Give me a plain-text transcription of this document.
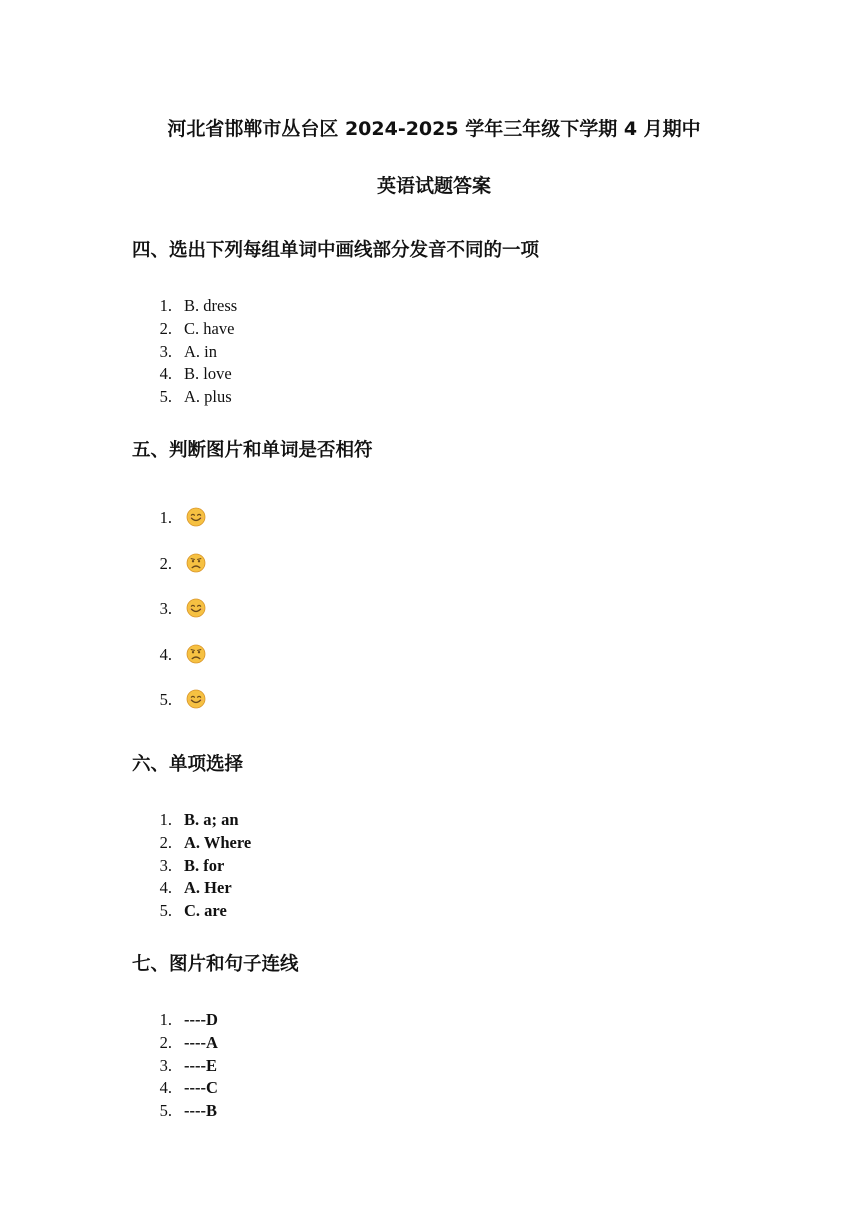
河北省邯郸市丛台区 2024-2025 学年三年级下学期 4 月期中
英语试题答案
四、选出下列每组单词中画线部分发音不同的一项
1. B. dress
2. C. have
3. A. in
4. B. love
5. A. plus
五、判断图片和单词是否相符
1.
2.
3.
4.
5.
六、单项选择
1. B. a; an
2. A. Where
3. B. for
4. A. Her
5. C. are
七、图片和句子连线
1. ----D
2. ----A
3. ----E
4. ----C
5. ----B
